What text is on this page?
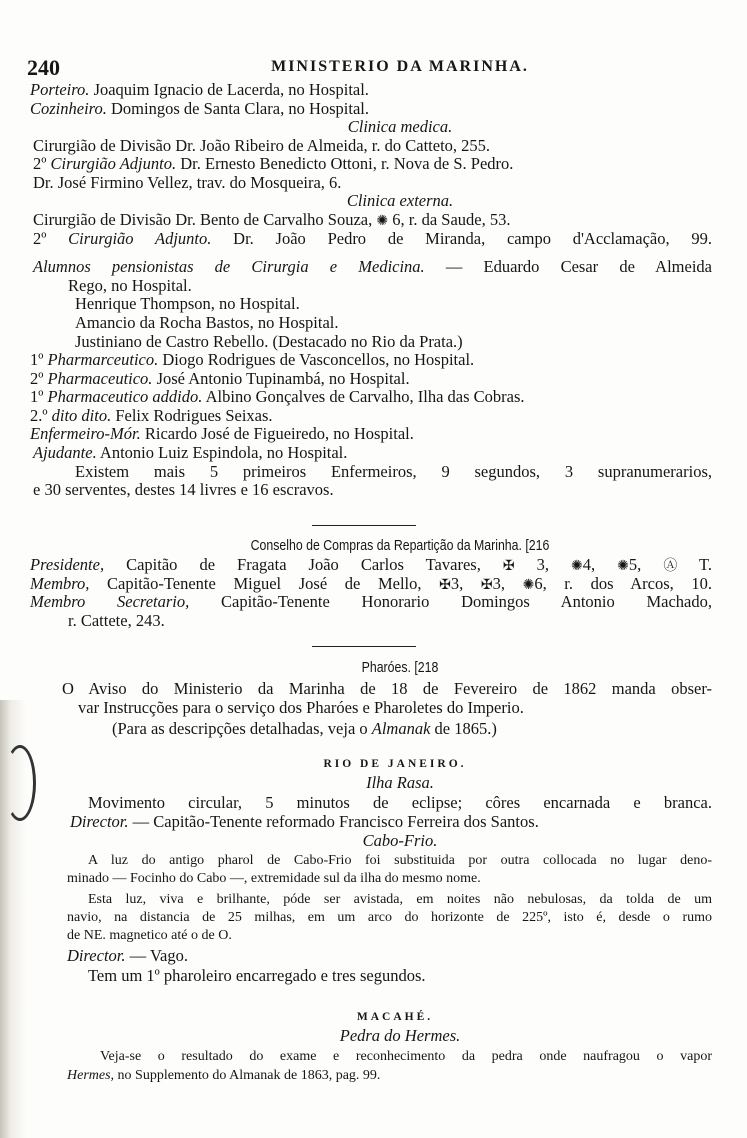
240	MINISTERIO DA MARINHA.
Porteiro. Joaquim Ignacio de Lacerda, no Hospital.
Cozinheiro. Domingos de Santa Clara, no Hospital.
Clinica medica.
Cirurgião de Divisão Dr. João Ribeiro de Almeida, r. do Catteto, 255.
2º Cirurgião Adjunto. Dr. Ernesto Benedicto Ottoni, r. Nova de S. Pedro.
Dr. José Firmino Vellez, trav. do Mosqueira, 6.
Clinica externa.
Cirurgião de Divisão Dr. Bento de Carvalho Souza, ✺ 6, r. da Saude, 53.
2º Cirurgião Adjunto. Dr. João Pedro de Miranda, campo d'Acclamação, 99.
Alumnos pensionistas de Cirurgia e Medicina. — Eduardo Cesar de Almeida
Rego, no Hospital.
Henrique Thompson, no Hospital.
Amancio da Rocha Bastos, no Hospital.
Justiniano de Castro Rebello. (Destacado no Rio da Prata.)
1º Pharmarceutico. Diogo Rodrigues de Vasconcellos, no Hospital.
2º Pharmaceutico. José Antonio Tupinambá, no Hospital.
1º Pharmaceutico addido. Albino Gonçalves de Carvalho, Ilha das Cobras.
2.º dito dito. Felix Rodrigues Seixas.
Enfermeiro-Mór. Ricardo José de Figueiredo, no Hospital.
Ajudante. Antonio Luiz Espindola, no Hospital.
Existem mais 5 primeiros Enfermeiros, 9 segundos, 3 supranumerarios,
e 30 serventes, destes 14 livres e 16 escravos.
Conselho de Compras da Repartição da Marinha. [216
Presidente, Capitão de Fragata João Carlos Tavares, ✠ 3, ✺4, ✺5, Ⓐ T.
Membro, Capitão-Tenente Miguel José de Mello, ✠3, ✠3, ✺6, r. dos Arcos, 10.
Membro Secretario, Capitão-Tenente Honorario Domingos Antonio Machado,
r. Cattete, 243.
Pharóes. [218
O Aviso do Ministerio da Marinha de 18 de Fevereiro de 1862 manda obser-
var Instrucções para o serviço dos Pharóes e Pharoletes do Imperio.
(Para as descripções detalhadas, veja o Almanak de 1865.)
RIO DE JANEIRO.
Ilha Rasa.
Movimento circular, 5 minutos de eclipse; côres encarnada e branca.
Director. — Capitão-Tenente reformado Francisco Ferreira dos Santos.
Cabo-Frio.
A luz do antigo pharol de Cabo-Frio foi substituida por outra collocada no lugar deno-
minado — Focinho do Cabo —, extremidade sul da ilha do mesmo nome.
Esta luz, viva e brilhante, póde ser avistada, em noites não nebulosas, da tolda de um
navio, na distancia de 25 milhas, em um arco do horizonte de 225º, isto é, desde o rumo
de NE. magnetico até o de O.
Director. — Vago.
Tem um 1º pharoleiro encarregado e tres segundos.
MACAHÉ.
Pedra do Hermes.
Veja-se o resultado do exame e reconhecimento da pedra onde naufragou o vapor
Hermes, no Supplemento do Almanak de 1863, pag. 99.
